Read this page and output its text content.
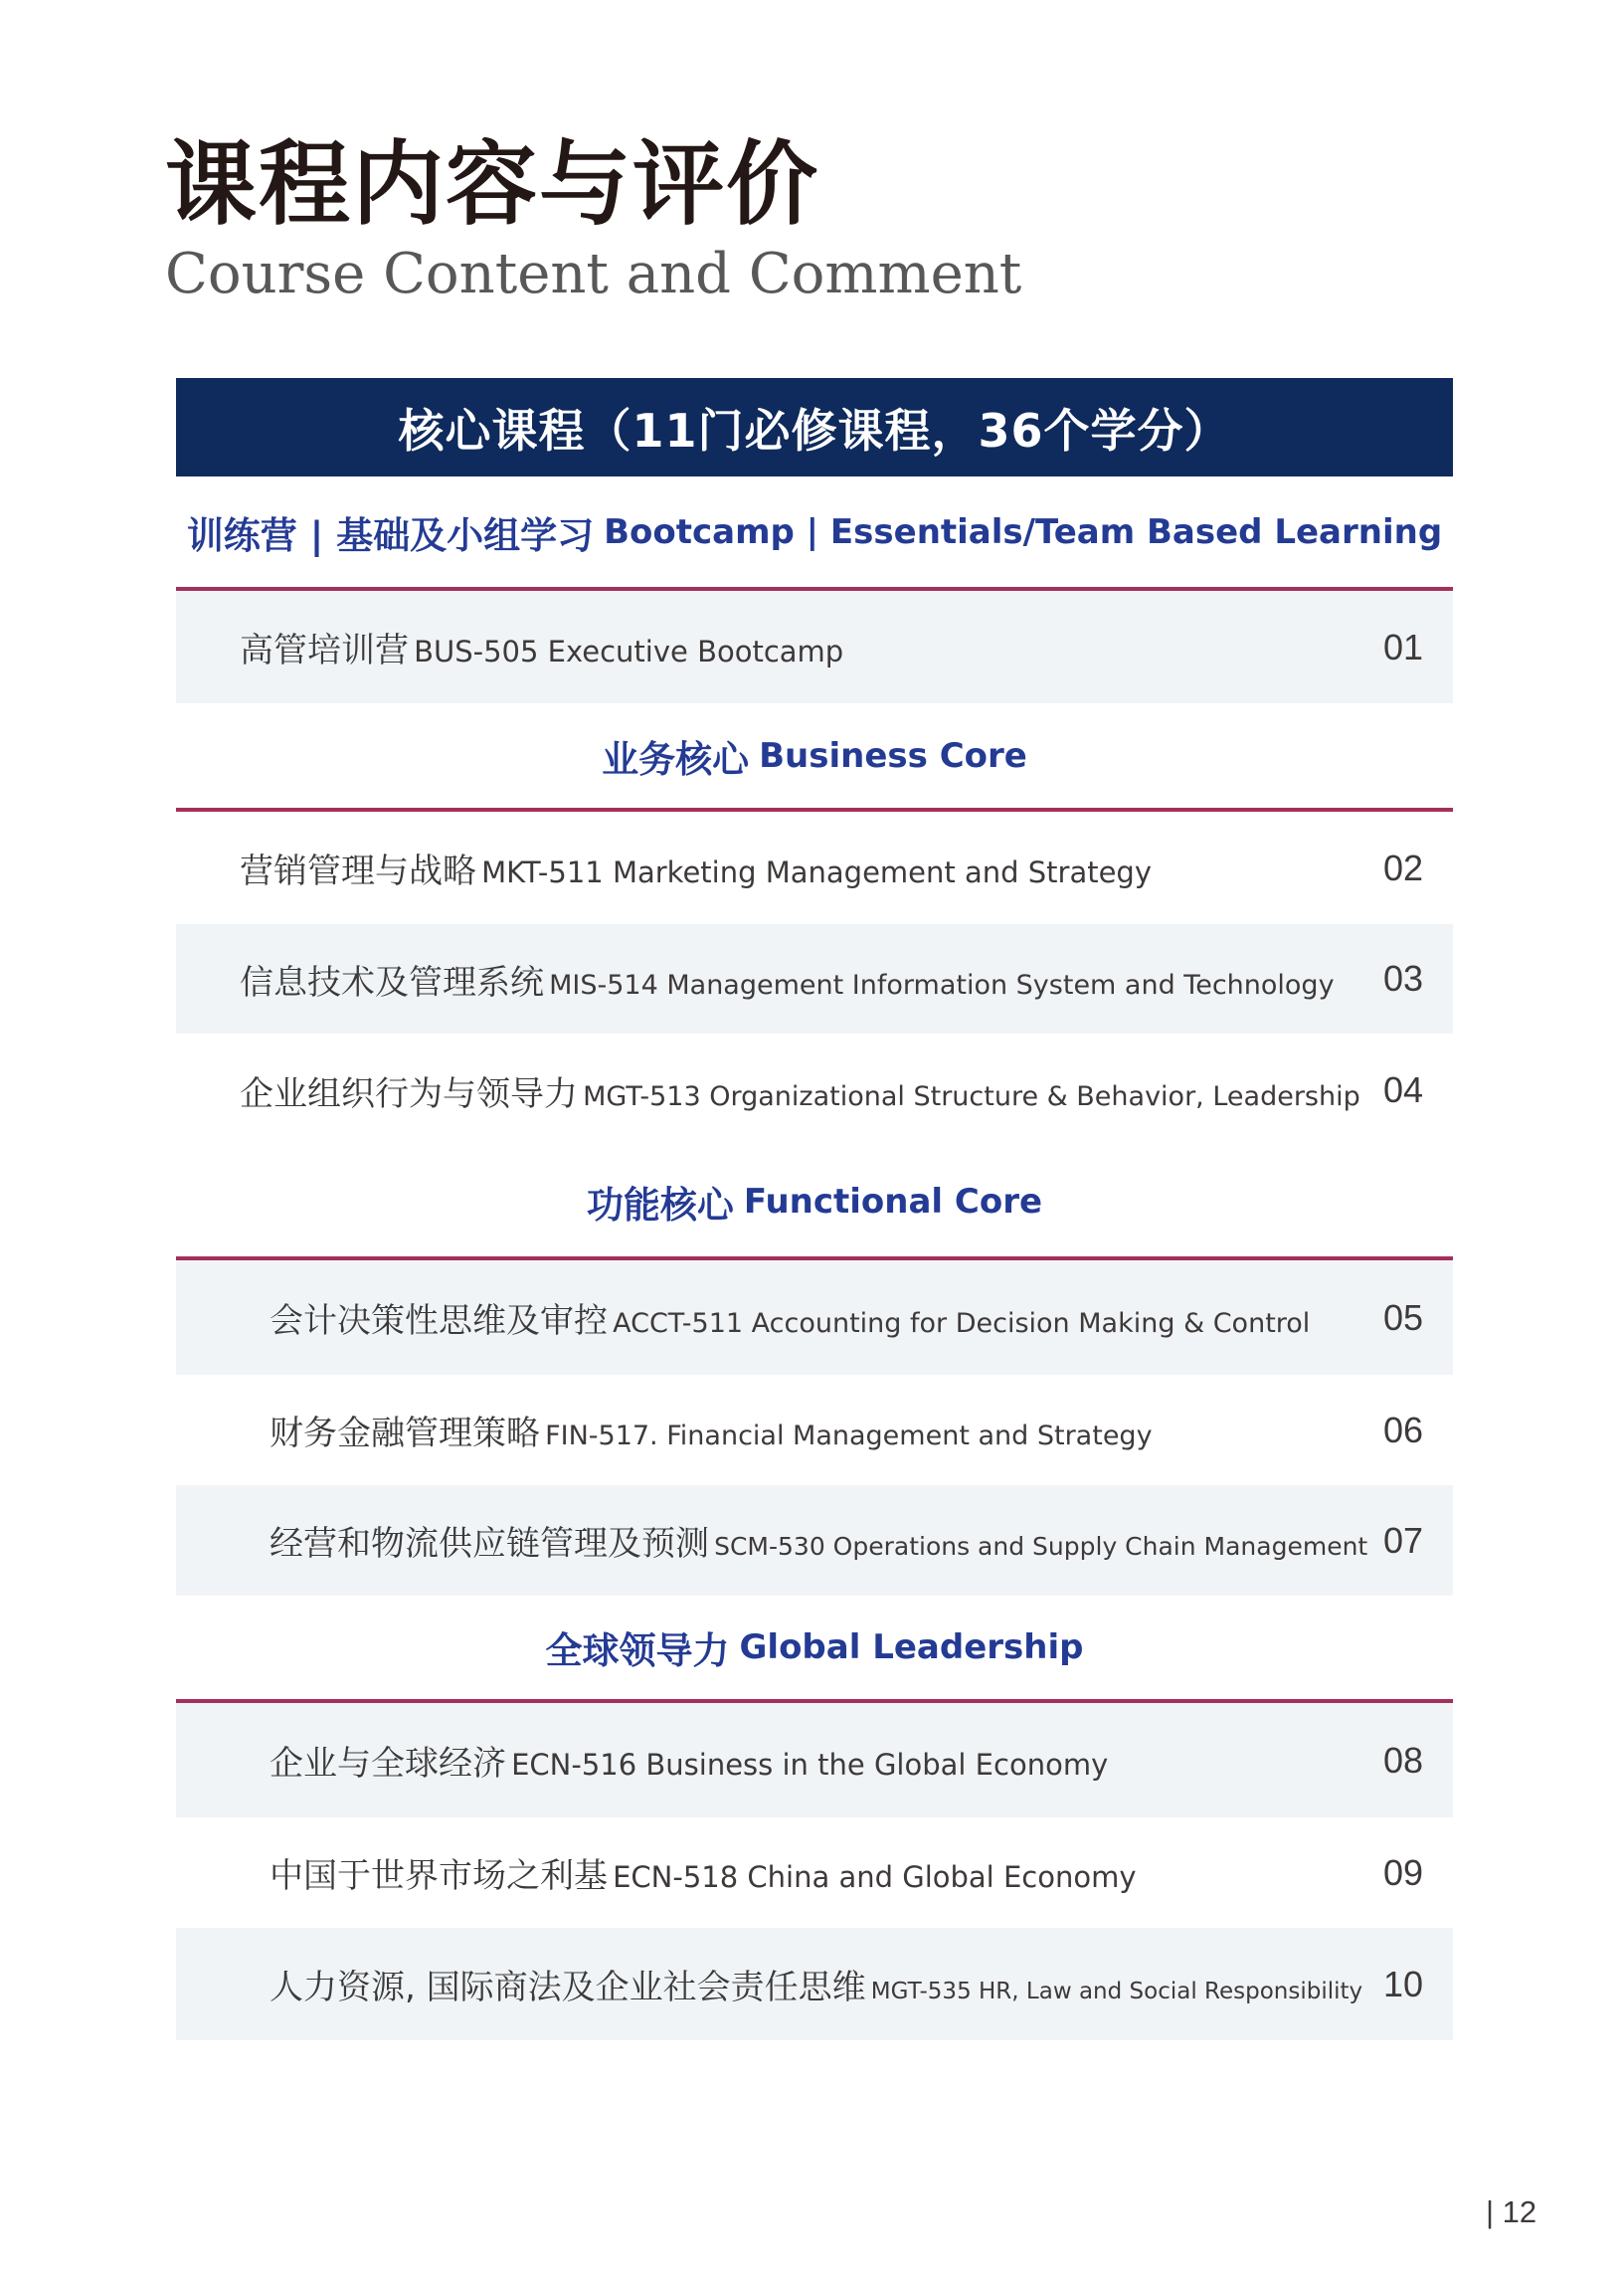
课程内容与评价
Course Content and Comment
核心课程（11门必修课程，36个学分）
训练营 | 基础及小组学习 Bootcamp | Essentials/Team Based Learning
高管培训营 BUS-505 Executive Bootcamp	01
业务核心 Business Core
营销管理与战略 MKT-511 Marketing Management and Strategy	02
信息技术及管理系统 MIS-514 Management Information System and Technology 03
企业组织行为与领导力 MGT-513 Organizational Structure & Behavior, Leadership 04
功能核心 Functional Core
会计决策性思维及审控 ACCT-511 Accounting for Decision Making & Control 05
财务金融管理策略 FIN-517. Financial Management and Strategy	06
经营和物流供应链管理及预测 SCM-530 Operations and Supply Chain Management 07
全球领导力 Global Leadership
企业与全球经济 ECN-516 Business in the Global Economy	08
中国于世界市场之利基 ECN-518 China and Global Economy	09
人力资源, 国际商法及企业社会责任思维 MGT-535 HR, Law and Social Responsibility 10
| 12
